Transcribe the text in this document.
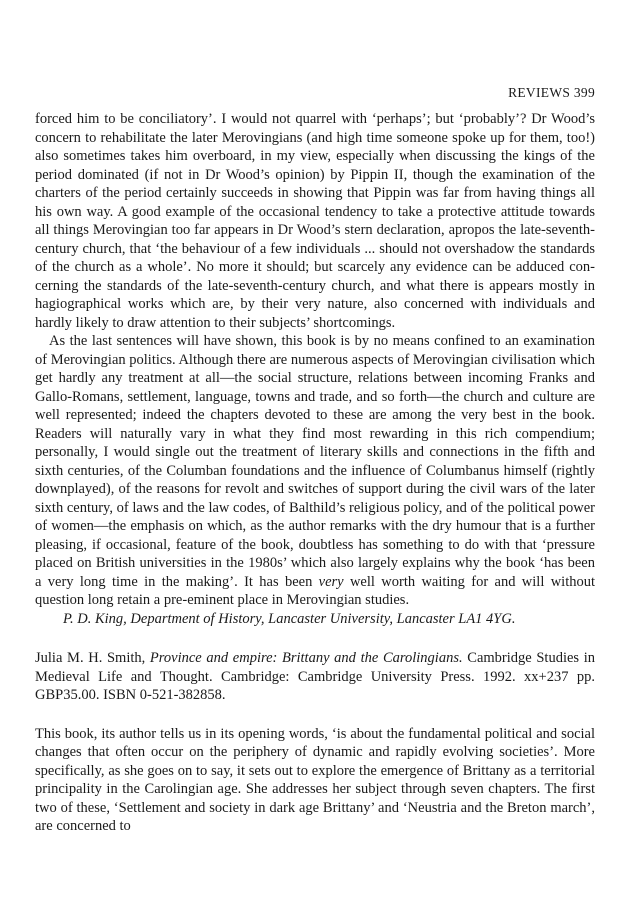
REVIEWS 399

forced him to be conciliatory’. I would not quarrel with ‘perhaps’; but ‘probably’? Dr Wood’s concern to rehabilitate the later Merovingians (and high time someone spoke up for them, too!) also sometimes takes him overboard, in my view, especially when discussing the kings of the period dominated (if not in Dr Wood’s opinion) by Pippin II, though the examination of the charters of the period certainly succeeds in showing that Pippin was far from having things all his own way. A good example of the occasional tendency to take a protective attitude towards all things Merovingian too far appears in Dr Wood’s stern declaration, apropos the late-seventh-century church, that ‘the behaviour of a few individuals ... should not overshadow the standards of the church as a whole’. No more it should; but scarcely any evidence can be adduced concerning the standards of the late-seventh-century church, and what there is appears mostly in hagiographical works which are, by their very nature, also concerned with individuals and hardly likely to draw attention to their subjects’ shortcomings.

As the last sentences will have shown, this book is by no means confined to an examination of Merovingian politics. Although there are numerous aspects of Merovingian civilisation which get hardly any treatment at all—the social structure, relations between incoming Franks and Gallo-Romans, settlement, language, towns and trade, and so forth—the church and culture are well represented; indeed the chapters devoted to these are among the very best in the book. Readers will naturally vary in what they find most rewarding in this rich compendium; personally, I would single out the treatment of literary skills and connections in the fifth and sixth centuries, of the Columban foundations and the influence of Columbanus himself (rightly downplayed), of the reasons for revolt and switches of support during the civil wars of the later sixth century, of laws and the law codes, of Balthild’s religious policy, and of the political power of women—the emphasis on which, as the author remarks with the dry humour that is a further pleasing, if occasional, feature of the book, doubtless has something to do with that ‘pressure placed on British universities in the 1980s’ which also largely explains why the book ‘has been a very long time in the making’. It has been very well worth waiting for and will without question long retain a pre-eminent place in Merovingian studies.

P. D. King, Department of History, Lancaster University, Lancaster LA1 4YG.

Julia M. H. Smith, Province and empire: Brittany and the Carolingians. Cambridge Studies in Medieval Life and Thought. Cambridge: Cambridge University Press. 1992. xx+237 pp. GBP35.00. ISBN 0-521-382858.

This book, its author tells us in its opening words, ‘is about the fundamental political and social changes that often occur on the periphery of dynamic and rapidly evolving societies’. More specifically, as she goes on to say, it sets out to explore the emergence of Brittany as a territorial principality in the Carolingian age. She addresses her subject through seven chapters. The first two of these, ‘Settlement and society in dark age Brittany’ and ‘Neustria and the Breton march’, are concerned to
